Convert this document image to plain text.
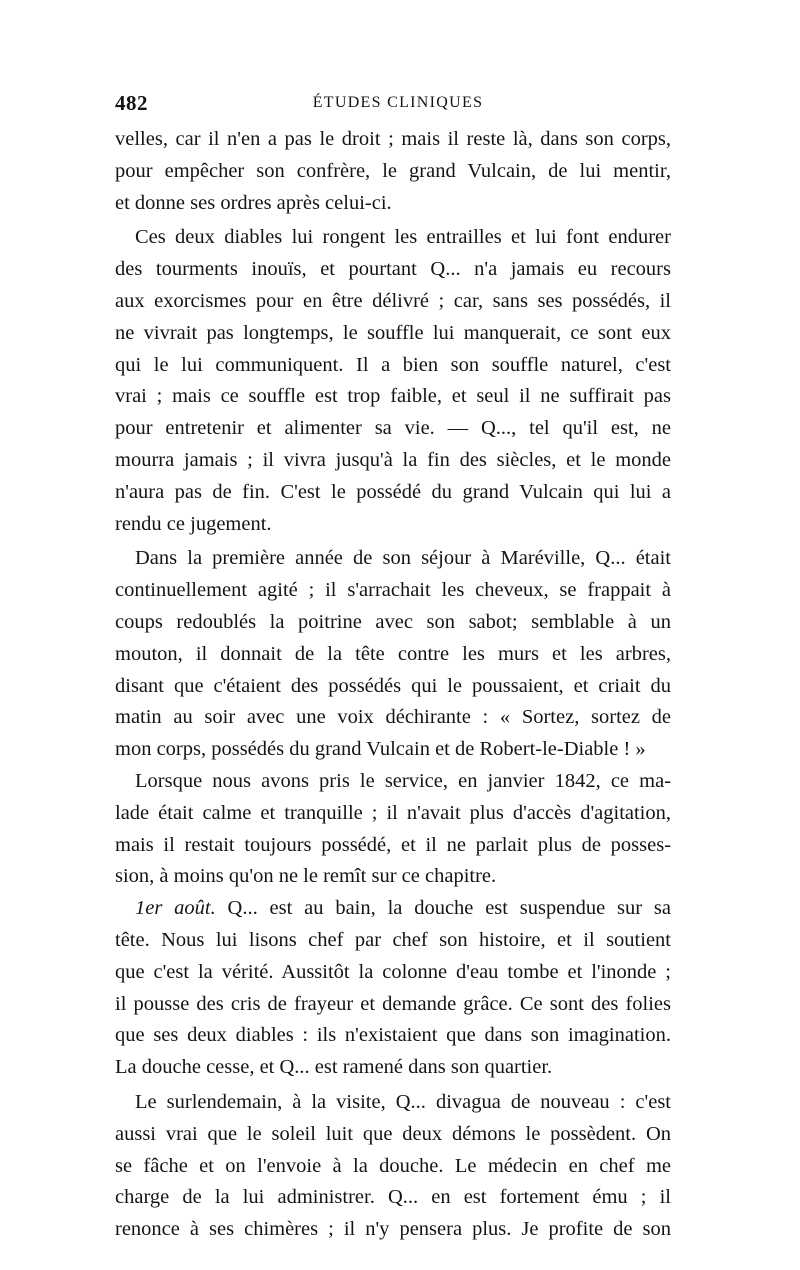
482	ÉTUDES CLINIQUES
velles, car il n'en a pas le droit ; mais il reste là, dans son corps,
pour empêcher son confrère, le grand Vulcain, de lui mentir,
et donne ses ordres après celui-ci.
Ces deux diables lui rongent les entrailles et lui font endurer
des tourments inouïs, et pourtant Q... n'a jamais eu recours
aux exorcismes pour en être délivré ; car, sans ses possédés, il
ne vivrait pas longtemps, le souffle lui manquerait, ce sont eux
qui le lui communiquent. Il a bien son souffle naturel, c'est
vrai ; mais ce souffle est trop faible, et seul il ne suffirait pas
pour entretenir et alimenter sa vie. — Q..., tel qu'il est, ne
mourra jamais ; il vivra jusqu'à la fin des siècles, et le monde
n'aura pas de fin. C'est le possédé du grand Vulcain qui lui a
rendu ce jugement.
Dans la première année de son séjour à Maréville, Q... était
continuellement agité ; il s'arrachait les cheveux, se frappait à
coups redoublés la poitrine avec son sabot; semblable à un
mouton, il donnait de la tête contre les murs et les arbres,
disant que c'étaient des possédés qui le poussaient, et criait du
matin au soir avec une voix déchirante : « Sortez, sortez de
mon corps, possédés du grand Vulcain et de Robert-le-Diable ! »
Lorsque nous avons pris le service, en janvier 1842, ce ma-
lade était calme et tranquille ; il n'avait plus d'accès d'agitation,
mais il restait toujours possédé, et il ne parlait plus de posses-
sion, à moins qu'on ne le remît sur ce chapitre.
1er août. Q... est au bain, la douche est suspendue sur sa
tête. Nous lui lisons chef par chef son histoire, et il soutient
que c'est la vérité. Aussitôt la colonne d'eau tombe et l'inonde ;
il pousse des cris de frayeur et demande grâce. Ce sont des folies
que ses deux diables : ils n'existaient que dans son imagination.
La douche cesse, et Q... est ramené dans son quartier.
Le surlendemain, à la visite, Q... divagua de nouveau : c'est
aussi vrai que le soleil luit que deux démons le possèdent. On
se fâche et on l'envoie à la douche. Le médecin en chef me
charge de la lui administrer. Q... en est fortement ému ; il
renonce à ses chimères ; il n'y pensera plus. Je profite de son
